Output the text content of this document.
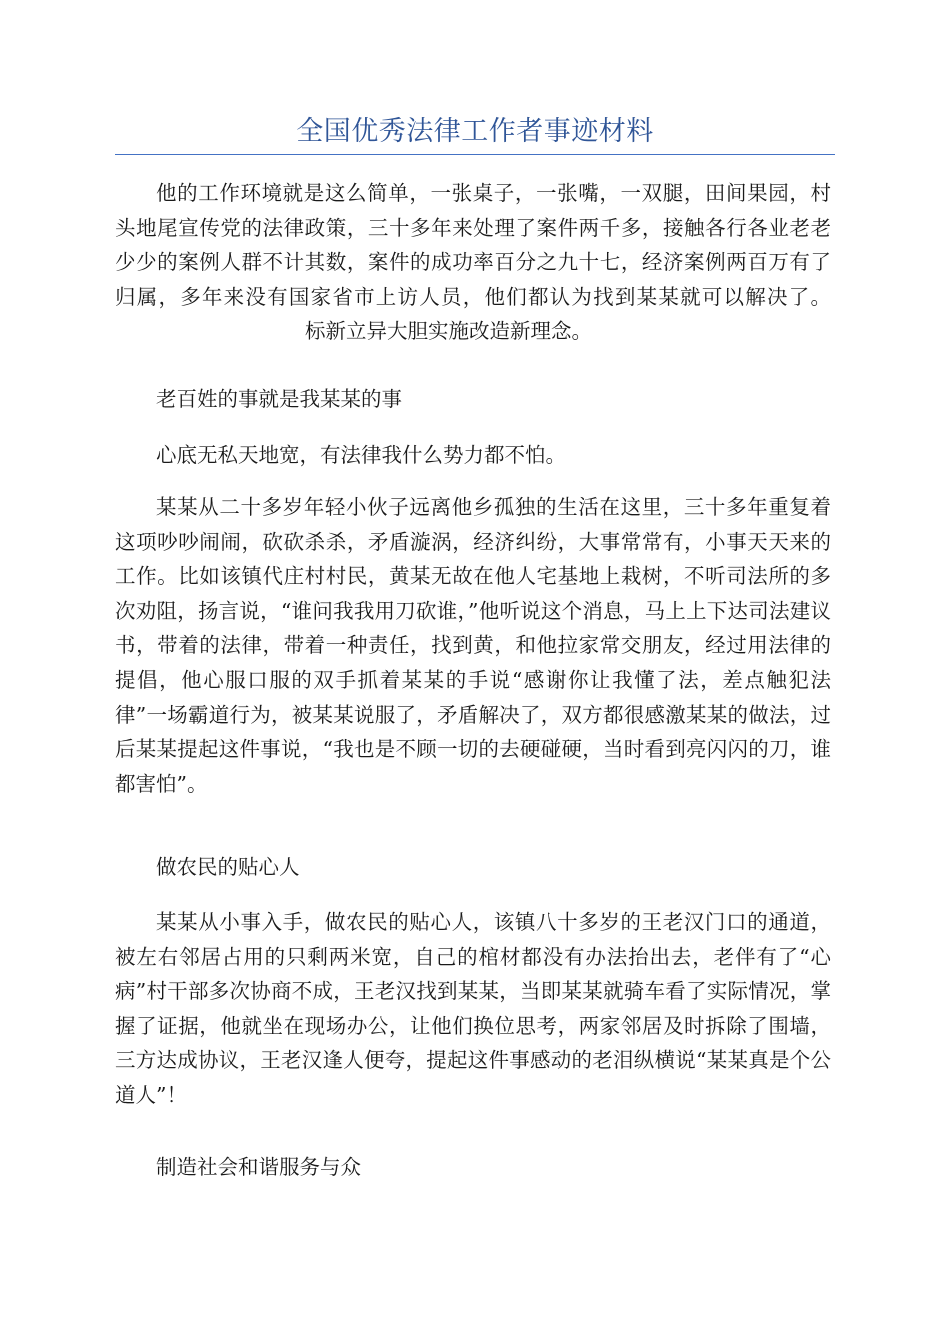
全国优秀法律工作者事迹材料

他的工作环境就是这么简单，一张桌子，一张嘴，一双腿，田间果园，村头地尾宣传党的法律政策，三十多年来处理了案件两千多，接触各行各业老老少少的案例人群不计其数，案件的成功率百分之九十七，经济案例两百万有了归属，多年来没有国家省市上访人员，他们都认为找到某某就可以解决了。标新立异大胆实施改造新理念。

老百姓的事就是我某某的事

心底无私天地宽，有法律我什么势力都不怕。

某某从二十多岁年轻小伙子远离他乡孤独的生活在这里，三十多年重复着这项吵吵闹闹，砍砍杀杀，矛盾漩涡，经济纠纷，大事常常有，小事天天来的工作。比如该镇代庄村村民，黄某无故在他人宅基地上栽树，不听司法所的多次劝阻，扬言说，“谁问我我用刀砍谁，”他听说这个消息，马上上下达司法建议书，带着的法律，带着一种责任，找到黄，和他拉家常交朋友，经过用法律的提倡，他心服口服的双手抓着某某的手说“感谢你让我懂了法，差点触犯法律”一场霸道行为，被某某说服了，矛盾解决了，双方都很感激某某的做法，过后某某提起这件事说，“我也是不顾一切的去硬碰硬，当时看到亮闪闪的刀，谁都害怕”。

做农民的贴心人

某某从小事入手，做农民的贴心人，该镇八十多岁的王老汉门口的通道，被左右邻居占用的只剩两米宽，自己的棺材都没有办法抬出去，老伴有了“心病”村干部多次协商不成，王老汉找到某某，当即某某就骑车看了实际情况，掌握了证据，他就坐在现场办公，让他们换位思考，两家邻居及时拆除了围墙，三方达成协议，王老汉逢人便夸，提起这件事感动的老泪纵横说“某某真是个公道人”！

制造社会和谐服务与众
